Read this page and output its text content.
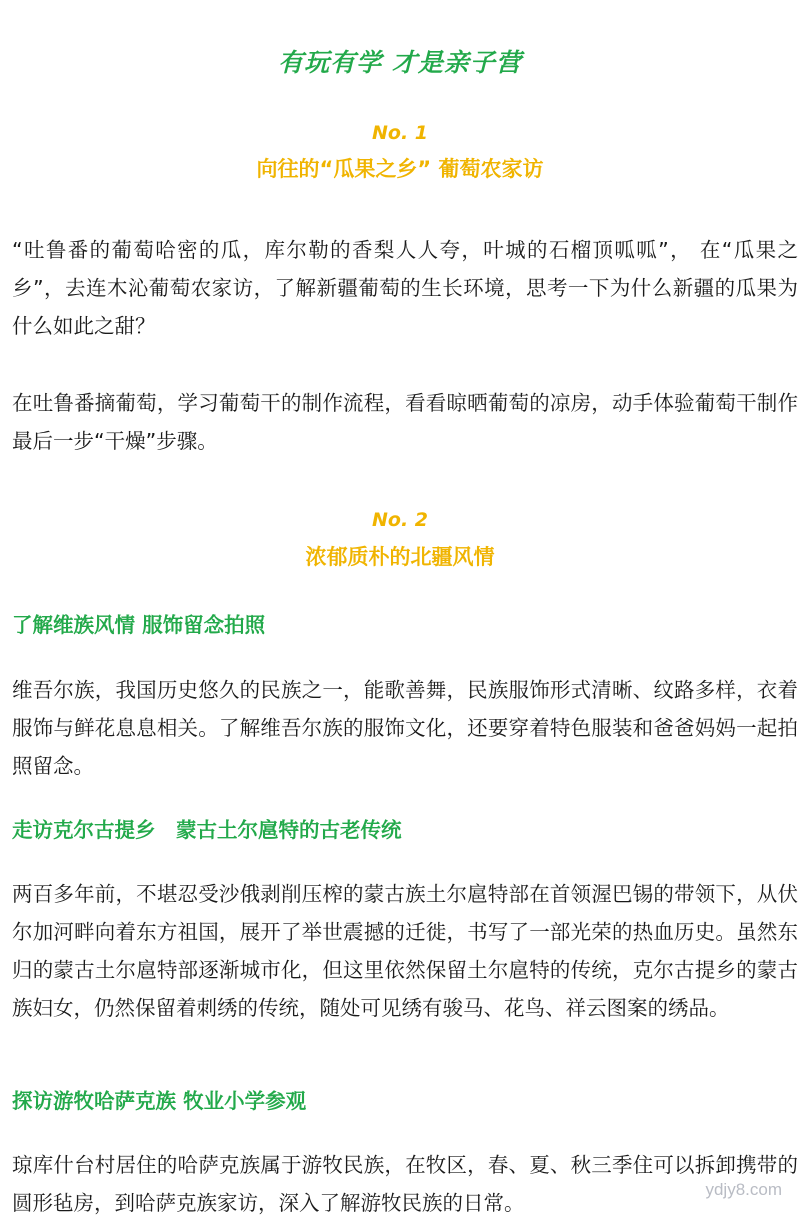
有玩有学 才是亲子营
No. 1
向往的“瓜果之乡” 葡萄农家访
“吐鲁番的葡萄哈密的瓜，库尔勒的香梨人人夸，叶城的石榴顶呱呱”， 在“瓜果之乡”，去连木沁葡萄农家访，了解新疆葡萄的生长环境，思考一下为什么新疆的瓜果为什么如此之甜？
在吐鲁番摘葡萄，学习葡萄干的制作流程，看看晾晒葡萄的凉房，动手体验葡萄干制作最后一步“干燥”步骤。
No. 2
浓郁质朴的北疆风情
了解维族风情 服饰留念拍照
维吾尔族，我国历史悠久的民族之一，能歌善舞，民族服饰形式清晰、纹路多样，衣着服饰与鲜花息息相关。了解维吾尔族的服饰文化，还要穿着特色服装和爸爸妈妈一起拍照留念。
走访克尔古提乡　蒙古土尔扈特的古老传统
两百多年前，不堪忍受沙俄剥削压榨的蒙古族土尔扈特部在首领渥巴锡的带领下，从伏尔加河畔向着东方祖国，展开了举世震撼的迁徙，书写了一部光荣的热血历史。虽然东归的蒙古土尔扈特部逐渐城市化，但这里依然保留土尔扈特的传统，克尔古提乡的蒙古族妇女，仍然保留着刺绣的传统，随处可见绣有骏马、花鸟、祥云图案的绣品。
探访游牧哈萨克族 牧业小学参观
琼库什台村居住的哈萨克族属于游牧民族，在牧区，春、夏、秋三季住可以拆卸携带的圆形毡房，到哈萨克族家访，深入了解游牧民族的日常。
ydjy8.com
